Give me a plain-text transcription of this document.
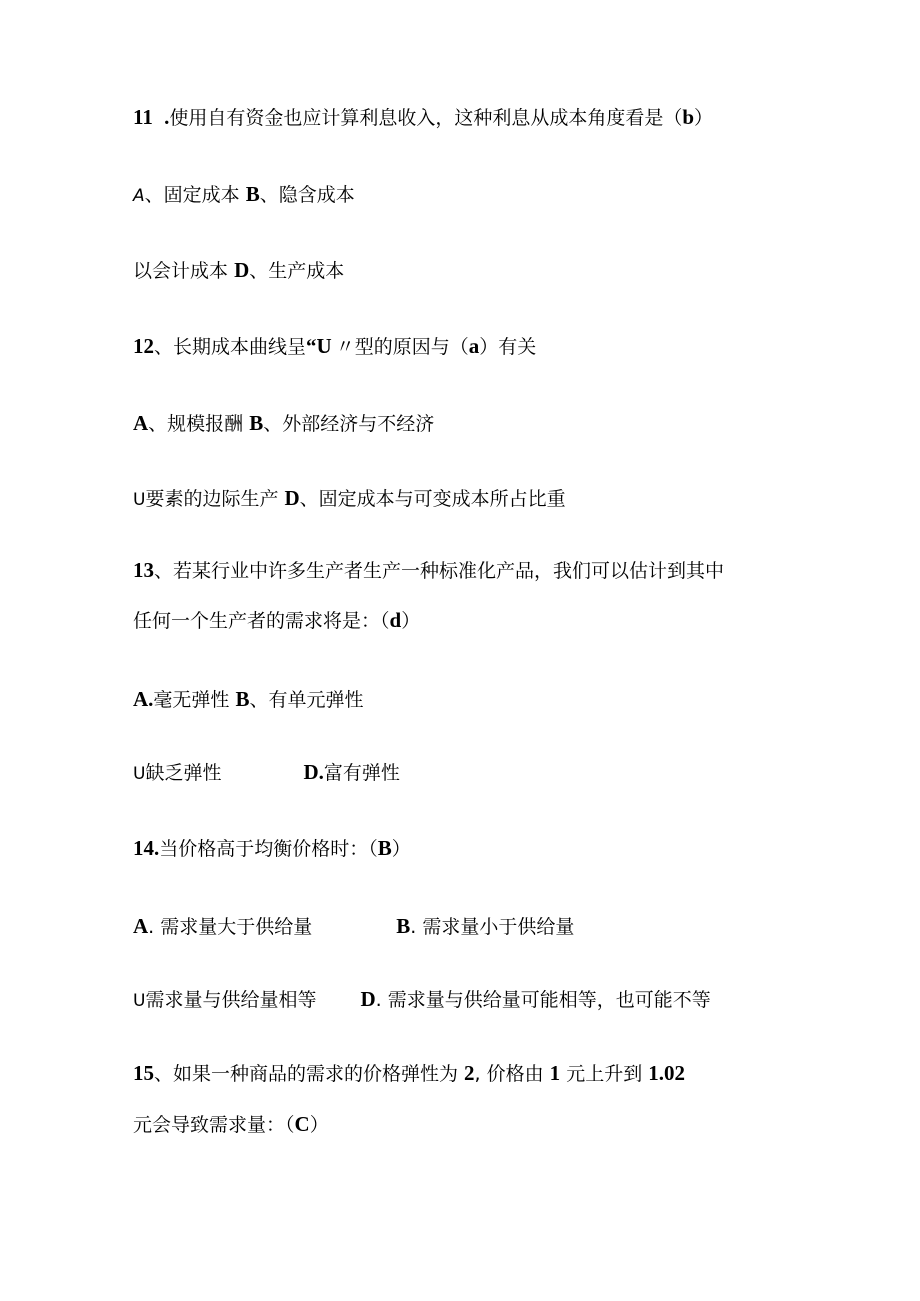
11 .使用自有资金也应计算利息收入，这种利息从成本角度看是（b）
A、固定成本 B、隐含成本
以会计成本 D、生产成本
12、长期成本曲线呈“U 〃型的原因与（a）有关
A、规模报酬 B、外部经济与不经济
U要素的边际生产 D、固定成本与可变成本所占比重
13、若某行业中许多生产者生产一种标准化产品，我们可以估计到其中
任何一个生产者的需求将是：（d）
A.毫无弹性 B、有单元弹性
U缺乏弹性	D.富有弹性
14.当价格高于均衡价格时：（B）
A. 需求量大于供给量	B. 需求量小于供给量
U需求量与供给量相等 D. 需求量与供给量可能相等，也可能不等
15、如果一种商品的需求的价格弹性为 2, 价格由 1 元上升到 1.02
元会导致需求量：（C）
